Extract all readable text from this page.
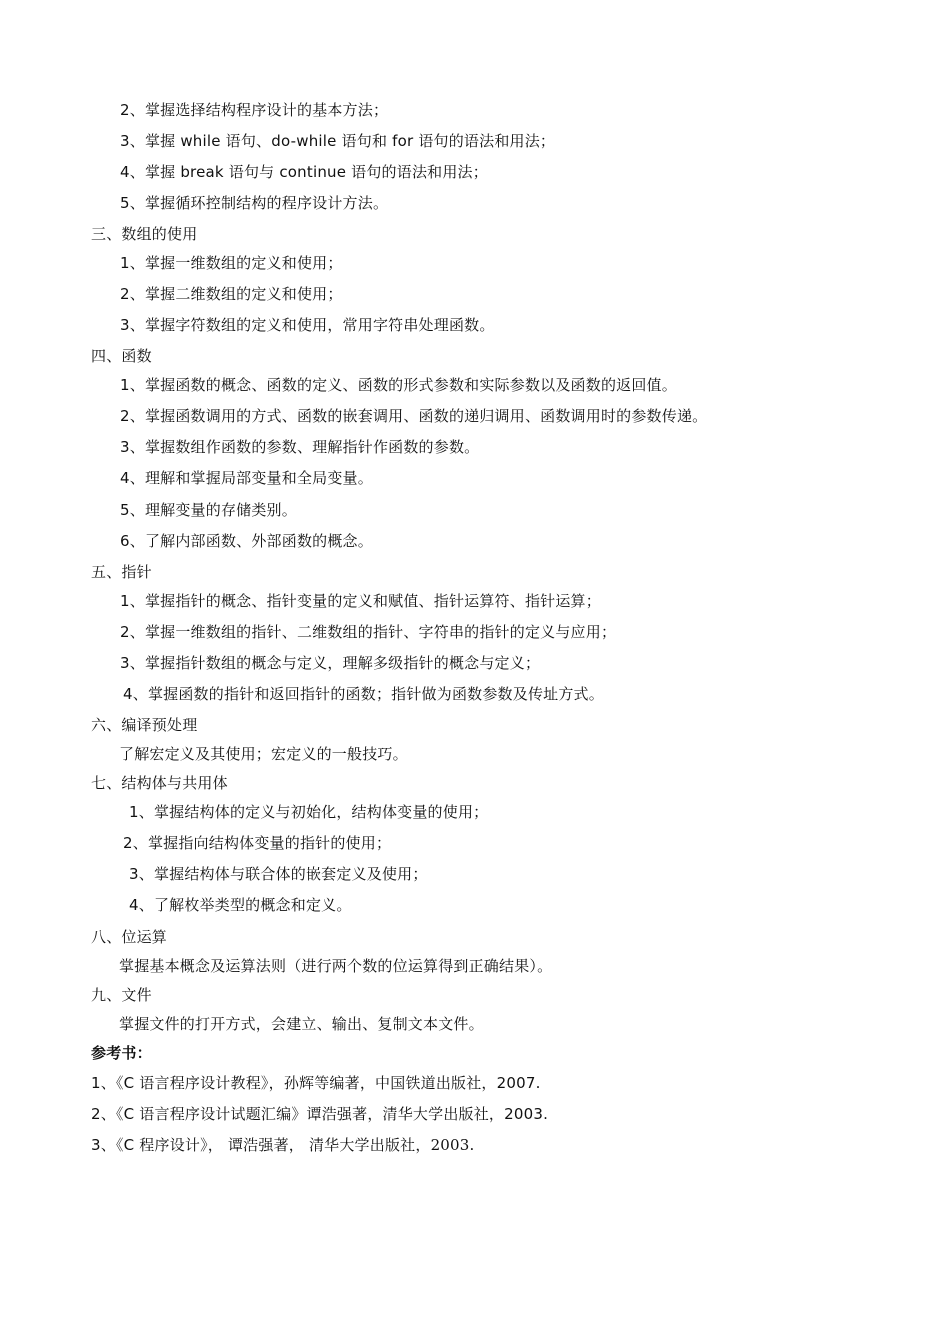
2、掌握选择结构程序设计的基本方法；
3、掌握 while 语句、do-while 语句和 for 语句的语法和用法；
4、掌握 break 语句与 continue 语句的语法和用法；
5、掌握循环控制结构的程序设计方法。
三、数组的使用
1、掌握一维数组的定义和使用；
2、掌握二维数组的定义和使用；
3、掌握字符数组的定义和使用，常用字符串处理函数。
四、函数
1、掌握函数的概念、函数的定义、函数的形式参数和实际参数以及函数的返回值。
2、掌握函数调用的方式、函数的嵌套调用、函数的递归调用、函数调用时的参数传递。
3、掌握数组作函数的参数、理解指针作函数的参数。
4、理解和掌握局部变量和全局变量。
5、理解变量的存储类别。
6、了解内部函数、外部函数的概念。
五、指针
1、掌握指针的概念、指针变量的定义和赋值、指针运算符、指针运算；
2、掌握一维数组的指针、二维数组的指针、字符串的指针的定义与应用；
3、掌握指针数组的概念与定义，理解多级指针的概念与定义；
4、掌握函数的指针和返回指针的函数；指针做为函数参数及传址方式。
六、编译预处理
了解宏定义及其使用；宏定义的一般技巧。
七、结构体与共用体
1、掌握结构体的定义与初始化，结构体变量的使用；
2、掌握指向结构体变量的指针的使用；
3、掌握结构体与联合体的嵌套定义及使用；
4、了解枚举类型的概念和定义。
八、位运算
掌握基本概念及运算法则（进行两个数的位运算得到正确结果）。
九、文件
掌握文件的打开方式，会建立、输出、复制文本文件。
参考书：
1、《C 语言程序设计教程》，孙辉等编著，中国铁道出版社，2007.
2、《C 语言程序设计试题汇编》谭浩强著，清华大学出版社，2003.
3、《C 程序设计》， 谭浩强著， 清华大学出版社，2003.
